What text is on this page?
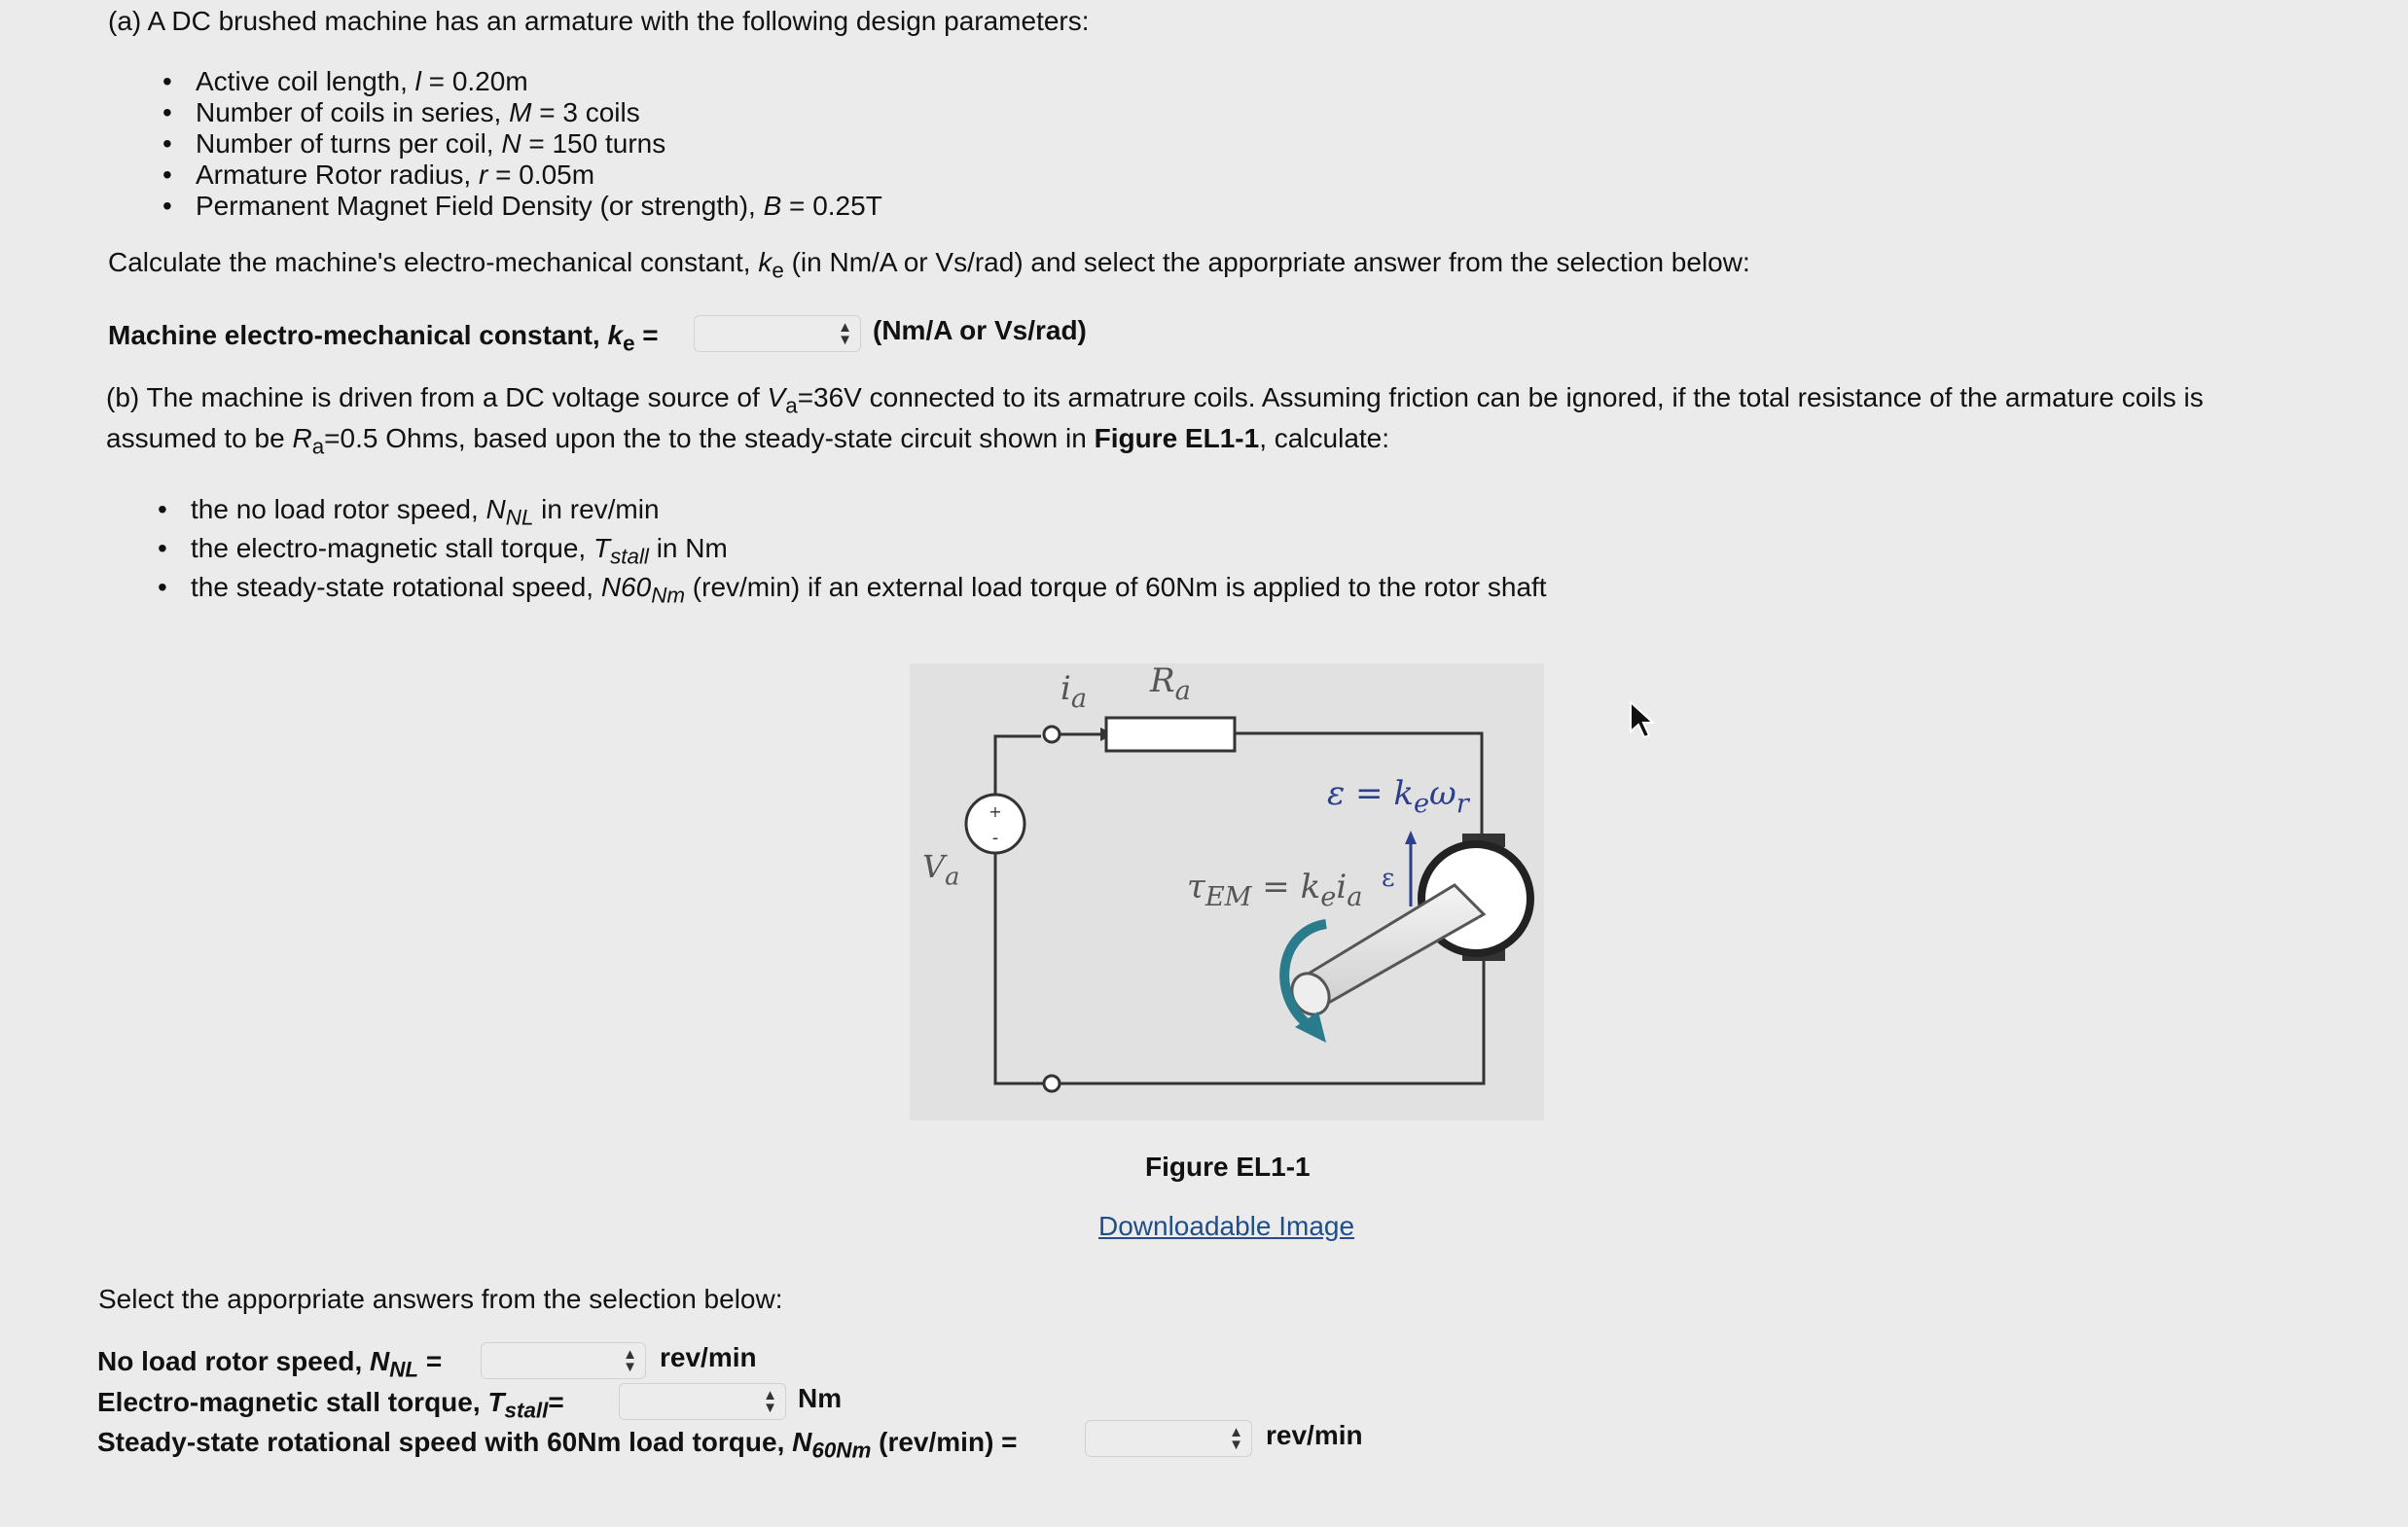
(a) A DC brushed machine has an armature with the following design parameters:
• Active coil length, l = 0.20m
• Number of coils in series, M = 3 coils
• Number of turns per coil, N = 150 turns
• Armature Rotor radius, r = 0.05m
• Permanent Magnet Field Density (or strength), B = 0.25T
Calculate the machine's electro-mechanical constant, $k_e$ (in Nm/A or Vs/rad) and select the apporpriate answer from the selection below:
Machine electro-mechanical constant, $k_e$ =	▲
▼ (Nm/A or Vs/rad)
(b) The machine is driven from a DC voltage source of $V_a=36V$ connected to its armatrure coils. Assuming friction can be ignored, if the total resistance of the armature coils is
assumed to be $R_a=0.5$ Ohms, based upon the to the steady-state circuit shown in Figure EL1-1, calculate:
• the no load rotor speed, $N_{NL}$ in rev/min
• the electro-magnetic stall torque, $T_{stall}$ in Nm
• the steady-state rotational speed, $N60_{Nm}$ (rev/min) if an external load torque of 60Nm is applied to the rotor shaft
+
-
$i_a$ $R_a$
$V_a$
$\varepsilon = k_e\omega_r$
$\tau_{EM} = k_ei_a$
ε
Figure EL1-1
Downloadable Image
Select the apporpriate answers from the selection below:
No load rotor speed, $N_{NL}$ =	▲
▼ rev/min
Electro-magnetic stall torque, $T_{stall}=$	▲
▼ Nm
Steady-state rotational speed with 60Nm load torque, $N_{60Nm}$ (rev/min) =	▲
▼ rev/min
